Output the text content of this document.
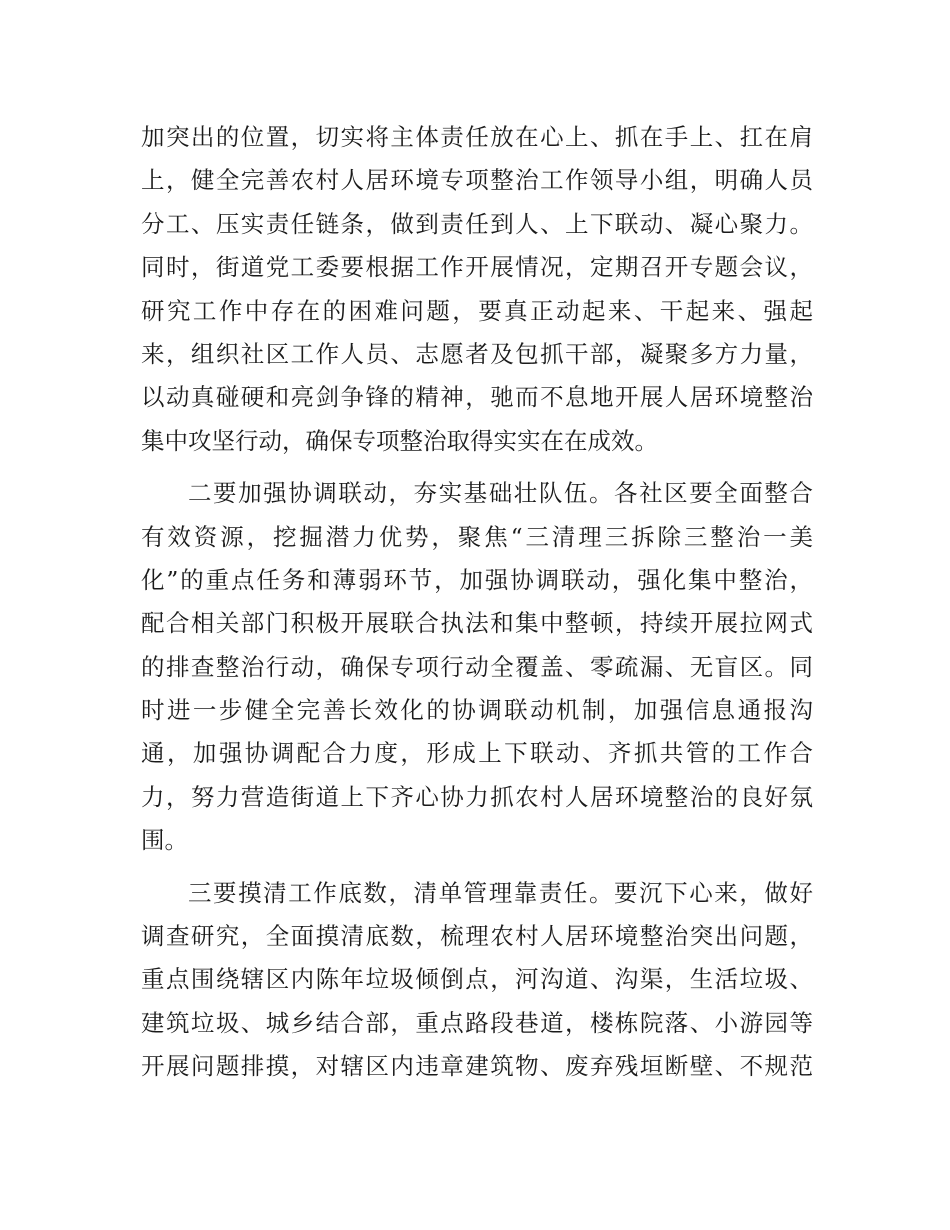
加突出的位置，切实将主体责任放在心上、抓在手上、扛在肩
上，健全完善农村人居环境专项整治工作领导小组，明确人员
分工、压实责任链条，做到责任到人、上下联动、凝心聚力。
同时，街道党工委要根据工作开展情况，定期召开专题会议，
研究工作中存在的困难问题，要真正动起来、干起来、强起
来，组织社区工作人员、志愿者及包抓干部，凝聚多方力量，
以动真碰硬和亮剑争锋的精神，驰而不息地开展人居环境整治
集中攻坚行动，确保专项整治取得实实在在成效。
二要加强协调联动，夯实基础壮队伍。各社区要全面整合
有效资源，挖掘潜力优势，聚焦“三清理三拆除三整治一美
化”的重点任务和薄弱环节，加强协调联动，强化集中整治，
配合相关部门积极开展联合执法和集中整顿，持续开展拉网式
的排查整治行动，确保专项行动全覆盖、零疏漏、无盲区。同
时进一步健全完善长效化的协调联动机制，加强信息通报沟
通，加强协调配合力度，形成上下联动、齐抓共管的工作合
力，努力营造街道上下齐心协力抓农村人居环境整治的良好氛
围。
三要摸清工作底数，清单管理靠责任。要沉下心来，做好
调查研究，全面摸清底数，梳理农村人居环境整治突出问题，
重点围绕辖区内陈年垃圾倾倒点，河沟道、沟渠，生活垃圾、
建筑垃圾、城乡结合部，重点路段巷道，楼栋院落、小游园等
开展问题排摸，对辖区内违章建筑物、废弃残垣断壁、不规范
